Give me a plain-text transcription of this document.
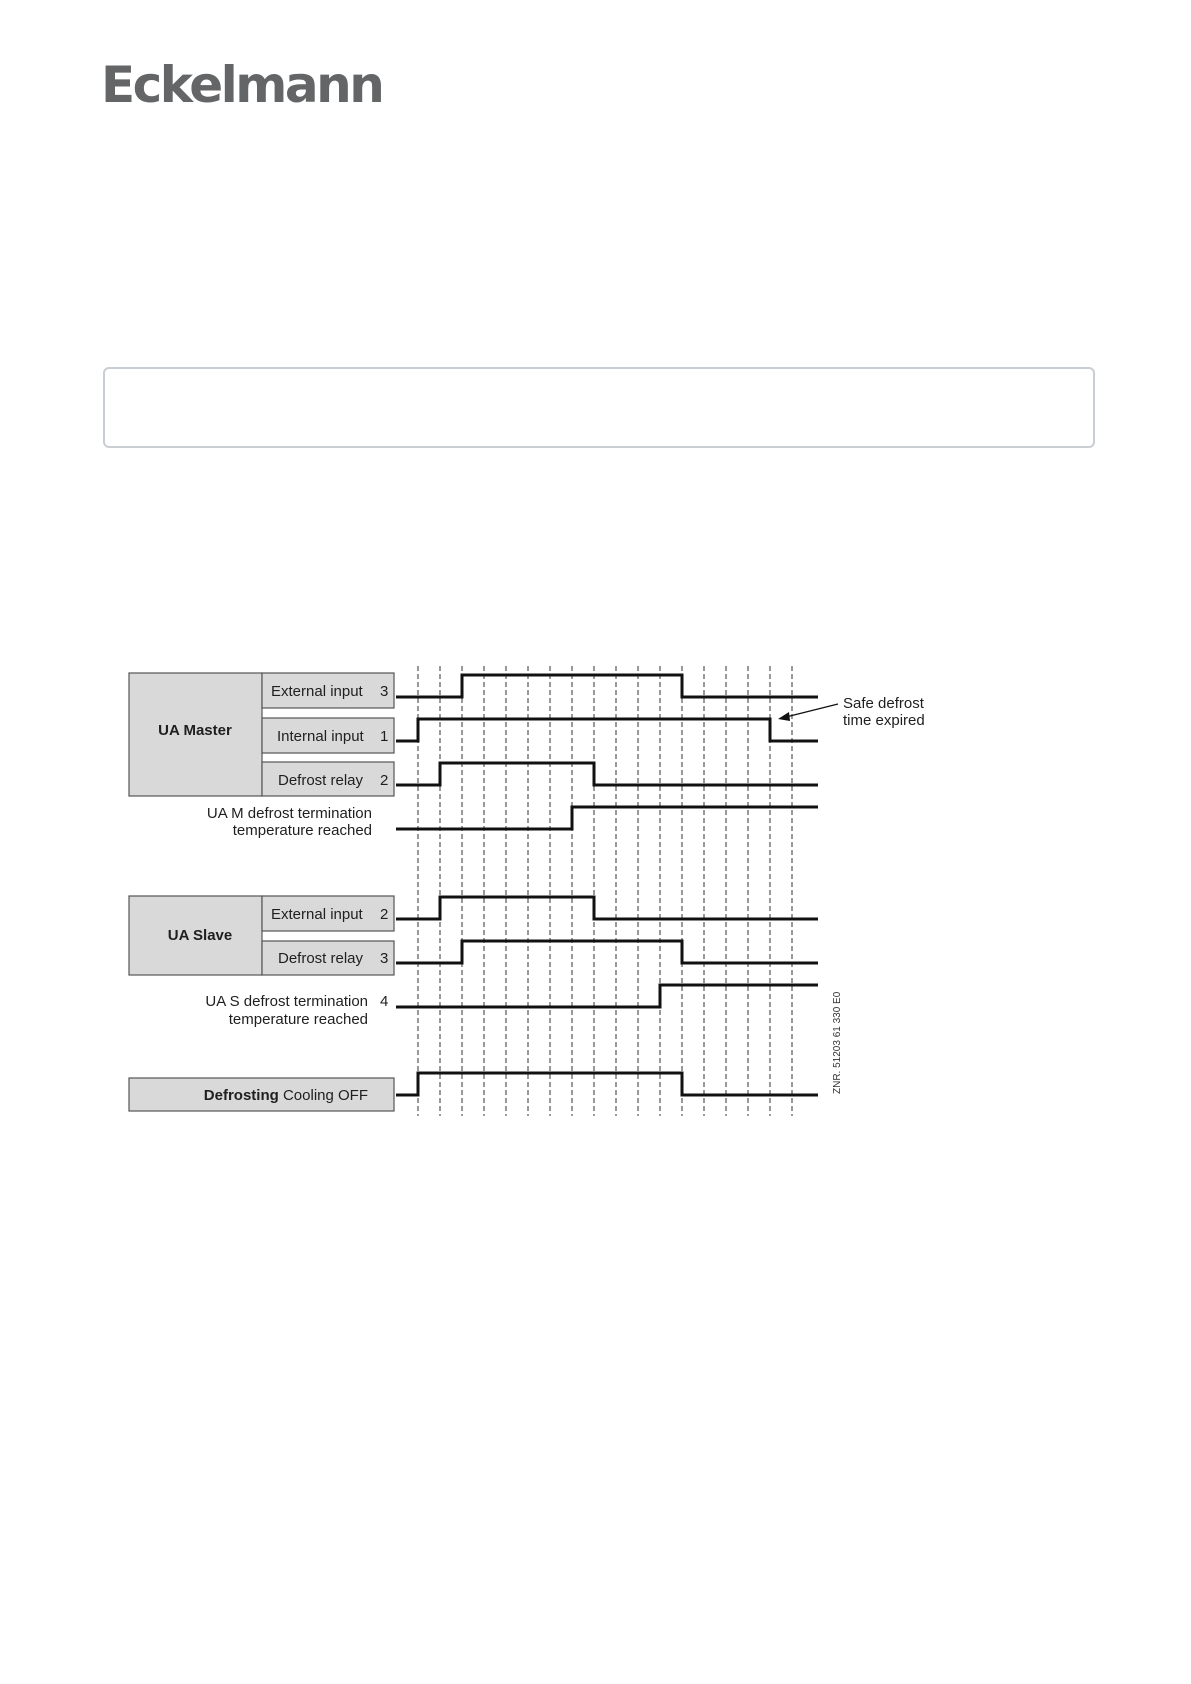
Eckelmann
UA Master
External input 3
Internal input 1
Defrost relay 2
UA M defrost termination
temperature reached
UA Slave
External input 2
Defrost relay 3
UA S defrost termination 4
temperature reached
Defrosting Cooling OFF
Safe defrost
time expired
ZNR. 51203 61 330 E0
